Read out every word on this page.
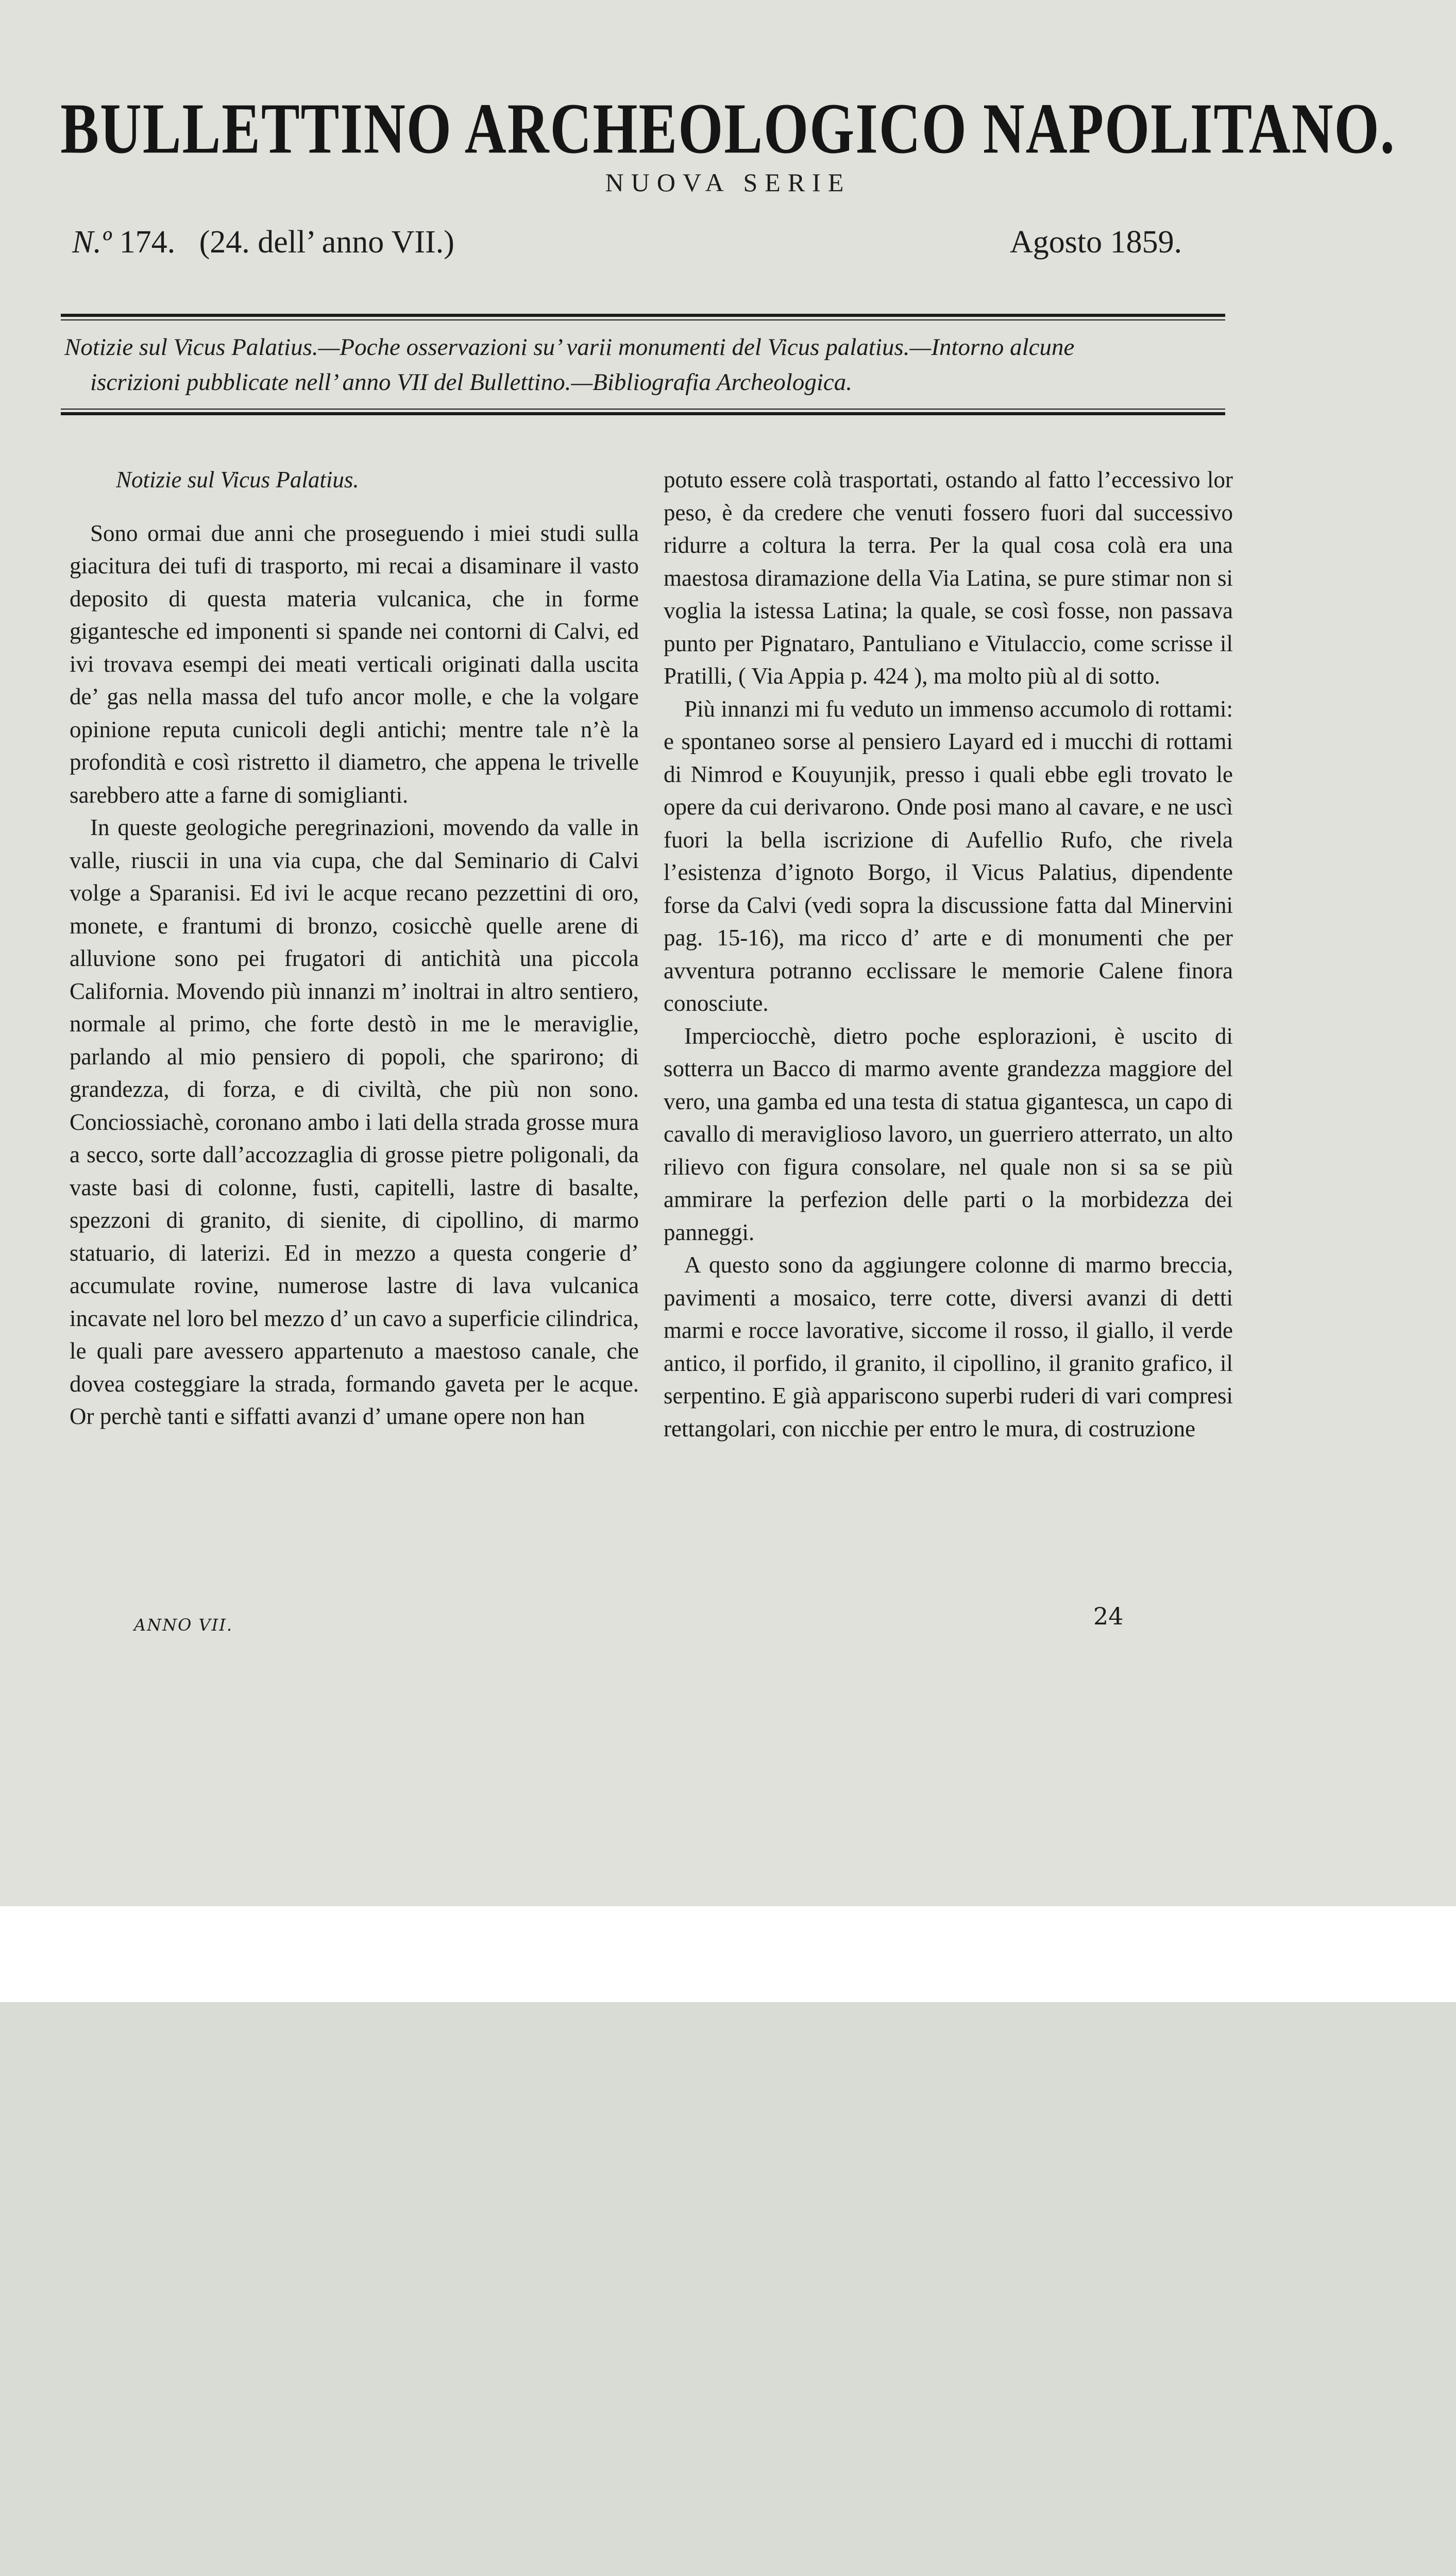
BULLETTINO ARCHEOLOGICO NAPOLITANO.
NUOVA SERIE
N.º 174. (24. dell’ anno VII.)	Agosto 1859.
Notizie sul Vicus Palatius.—Poche osservazioni su’ varii monumenti del Vicus palatius.—Intorno alcune
iscrizioni pubblicate nell’ anno VII del Bullettino.—Bibliografia Archeologica.

Notizie sul Vicus Palatius.

Sono ormai due anni che proseguendo i miei studi sulla giacitura dei tufi di trasporto, mi recai a disaminare il vasto deposito di questa materia vulcanica, che in forme gigantesche ed imponenti si spande nei contorni di Calvi, ed ivi trovava esempi dei meati verticali originati dalla uscita de’ gas nella massa del tufo ancor molle, e che la volgare opinione reputa cunicoli degli antichi; mentre tale n’è la profondità e così ristretto il diametro, che appena le trivelle sarebbero atte a farne di somiglianti.

In queste geologiche peregrinazioni, movendo da valle in valle, riuscii in una via cupa, che dal Seminario di Calvi volge a Sparanisi. Ed ivi le acque recano pezzettini di oro, monete, e frantumi di bronzo, cosicchè quelle arene di alluvione sono pei frugatori di antichità una piccola California. Movendo più innanzi m’ inoltrai in altro sentiero, normale al primo, che forte destò in me le meraviglie, parlando al mio pensiero di popoli, che sparirono; di grandezza, di forza, e di civiltà, che più non sono. Conciossiachè, coronano ambo i lati della strada grosse mura a secco, sorte dall’accozzaglia di grosse pietre poligonali, da vaste basi di colonne, fusti, capitelli, lastre di basalte, spezzoni di granito, di sienite, di cipollino, di marmo statuario, di laterizi. Ed in mezzo a questa congerie d’ accumulate rovine, numerose lastre di lava vulcanica incavate nel loro bel mezzo d’ un cavo a superficie cilindrica, le quali pare avessero appartenuto a maestoso canale, che dovea costeggiare la strada, formando gaveta per le acque. Or perchè tanti e siffatti avanzi d’ umane opere non han

potuto essere colà trasportati, ostando al fatto l’eccessivo lor peso, è da credere che venuti fossero fuori dal successivo ridurre a coltura la terra. Per la qual cosa colà era una maestosa diramazione della Via Latina, se pure stimar non si voglia la istessa Latina; la quale, se così fosse, non passava punto per Pignataro, Pantuliano e Vitulaccio, come scrisse il Pratilli, ( Via Appia p. 424 ), ma molto più al di sotto.

Più innanzi mi fu veduto un immenso accumolo di rottami: e spontaneo sorse al pensiero Layard ed i mucchi di rottami di Nimrod e Kouyunjik, presso i quali ebbe egli trovato le opere da cui derivarono. Onde posi mano al cavare, e ne uscì fuori la bella iscrizione di Aufellio Rufo, che rivela l’esistenza d’ignoto Borgo, il Vicus Palatius, dipendente forse da Calvi (vedi sopra la discussione fatta dal Minervini pag. 15-16), ma ricco d’ arte e di monumenti che per avventura potranno ecclissare le memorie Calene finora conosciute.

Imperciocchè, dietro poche esplorazioni, è uscito di sotterra un Bacco di marmo avente grandezza maggiore del vero, una gamba ed una testa di statua gigantesca, un capo di cavallo di meraviglioso lavoro, un guerriero atterrato, un alto rilievo con figura consolare, nel quale non si sa se più ammirare la perfezion delle parti o la morbidezza dei panneggi.

A questo sono da aggiungere colonne di marmo breccia, pavimenti a mosaico, terre cotte, diversi avanzi di detti marmi e rocce lavorative, siccome il rosso, il giallo, il verde antico, il porfido, il granito, il cipollino, il granito grafico, il serpentino. E già appariscono superbi ruderi di vari compresi rettangolari, con nicchie per entro le mura, di costruzione

ANNO VII.	24
